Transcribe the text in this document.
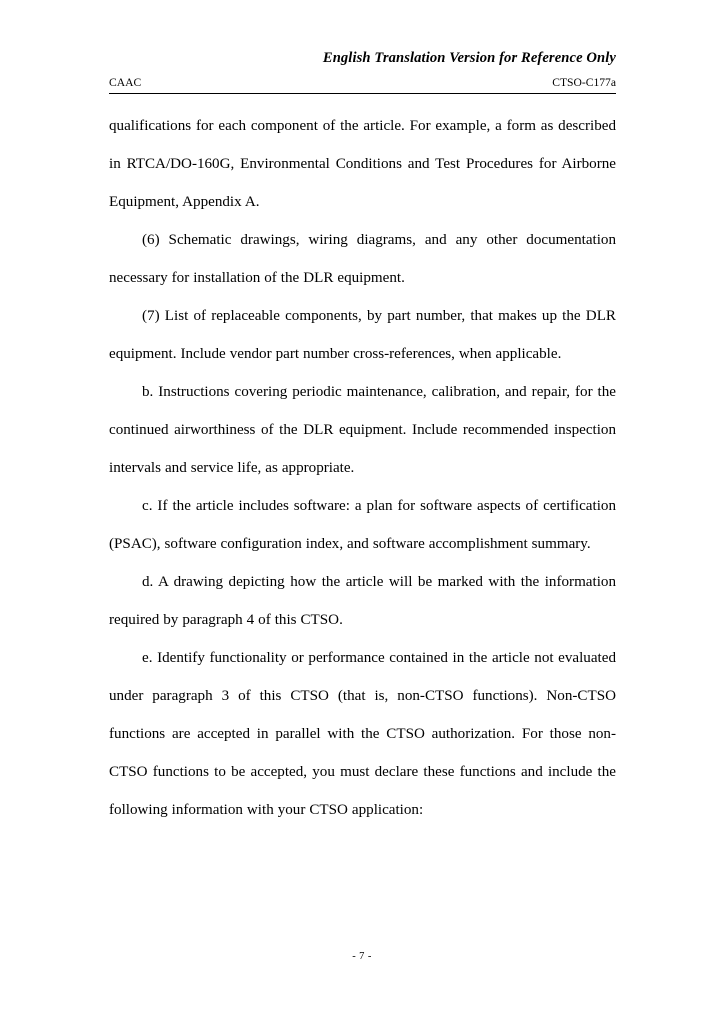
English Translation Version for Reference Only
CAAC	CTSO-C177a

qualifications for each component of the article. For example, a form as described in RTCA/DO-160G, Environmental Conditions and Test Procedures for Airborne Equipment, Appendix A.

(6) Schematic drawings, wiring diagrams, and any other documentation necessary for installation of the DLR equipment.

(7) List of replaceable components, by part number, that makes up the DLR equipment. Include vendor part number cross-references, when applicable.

b. Instructions covering periodic maintenance, calibration, and repair, for the continued airworthiness of the DLR equipment. Include recommended inspection intervals and service life, as appropriate.

c. If the article includes software: a plan for software aspects of certification (PSAC), software configuration index, and software accomplishment summary.

d. A drawing depicting how the article will be marked with the information required by paragraph 4 of this CTSO.

e. Identify functionality or performance contained in the article not evaluated under paragraph 3 of this CTSO (that is, non-CTSO functions). Non-CTSO functions are accepted in parallel with the CTSO authorization. For those non-CTSO functions to be accepted, you must declare these functions and include the following information with your CTSO application:

- 7 -
